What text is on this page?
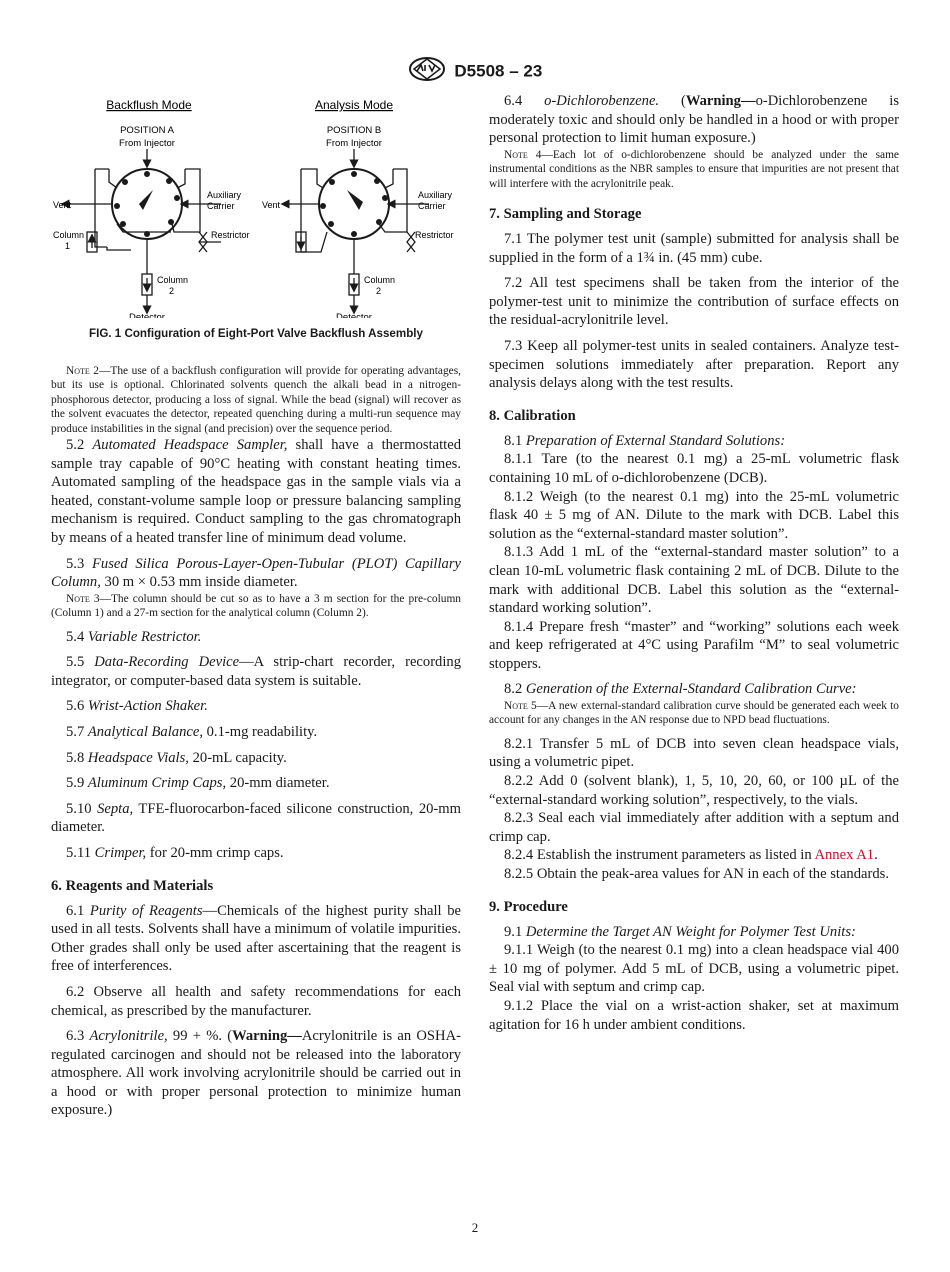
D5508 – 23
Backflush Mode	Analysis Mode
POSITION A
From Injector
POSITION B
From Injector
Vent
Auxiliary
Carrier
Restrictor
Column
1
Column
2
Detector
Vent
Auxiliary
Carrier
Restrictor
Column
2
Detector
FIG. 1 Configuration of Eight-Port Valve Backflush Assembly

Note 2—The use of a backflush configuration will provide for operating advantages, but its use is optional. Chlorinated solvents quench the alkali bead in a nitrogen-phosphorous detector, producing a loss of signal. While the bead (signal) will recover as the solvent evacuates the detector, repeated quenching during a multi-run sequence may produce instabilities in the signal (and precision) over the sequence period.

5.2 Automated Headspace Sampler, shall have a thermostatted sample tray capable of 90°C heating with constant heating times. Automated sampling of the headspace gas in the sample vials via a heated, constant-volume sample loop or pressure balancing sampling mechanism is required. Conduct sampling to the gas chromatograph by means of a heated transfer line of minimum dead volume.

5.3 Fused Silica Porous-Layer-Open-Tubular (PLOT) Capillary Column, 30 m × 0.53 mm inside diameter.

Note 3—The column should be cut so as to have a 3 m section for the pre-column (Column 1) and a 27-m section for the analytical column (Column 2).

5.4 Variable Restrictor.

5.5 Data-Recording Device—A strip-chart recorder, recording integrator, or computer-based data system is suitable.

5.6 Wrist-Action Shaker.

5.7 Analytical Balance, 0.1-mg readability.

5.8 Headspace Vials, 20-mL capacity.

5.9 Aluminum Crimp Caps, 20-mm diameter.

5.10 Septa, TFE-fluorocarbon-faced silicone construction, 20-mm diameter.

5.11 Crimper, for 20-mm crimp caps.

6. Reagents and Materials

6.1 Purity of Reagents—Chemicals of the highest purity shall be used in all tests. Solvents shall have a minimum of volatile impurities. Other grades shall only be used after ascertaining that the reagent is free of interferences.

6.2 Observe all health and safety recommendations for each chemical, as prescribed by the manufacturer.

6.3 Acrylonitrile, 99 + %. (Warning—Acrylonitrile is an OSHA-regulated carcinogen and should not be released into the laboratory atmosphere. All work involving acrylonitrile should be carried out in a hood or with proper personal protection to minimize human exposure.)

6.4 o-Dichlorobenzene. (Warning—o-Dichlorobenzene is moderately toxic and should only be handled in a hood or with proper personal protection to limit human exposure.)

Note 4—Each lot of o-dichlorobenzene should be analyzed under the same instrumental conditions as the NBR samples to ensure that impurities are not present that will interfere with the acrylonitrile peak.

7. Sampling and Storage

7.1 The polymer test unit (sample) submitted for analysis shall be supplied in the form of a 1¾ in. (45 mm) cube.

7.2 All test specimens shall be taken from the interior of the polymer-test unit to minimize the contribution of surface effects on the residual-acrylonitrile level.

7.3 Keep all polymer-test units in sealed containers. Analyze test-specimen solutions immediately after preparation. Report any analysis delays along with the test results.

8. Calibration

8.1 Preparation of External Standard Solutions:

8.1.1 Tare (to the nearest 0.1 mg) a 25-mL volumetric flask containing 10 mL of o-dichlorobenzene (DCB).

8.1.2 Weigh (to the nearest 0.1 mg) into the 25-mL volumetric flask 40 ± 5 mg of AN. Dilute to the mark with DCB. Label this solution as the “external-standard master solution”.

8.1.3 Add 1 mL of the “external-standard master solution” to a clean 10-mL volumetric flask containing 2 mL of DCB. Dilute to the mark with additional DCB. Label this solution as the “external-standard working solution”.

8.1.4 Prepare fresh “master” and “working” solutions each week and keep refrigerated at 4°C using Parafilm “M” to seal volumetric stoppers.

8.2 Generation of the External-Standard Calibration Curve:

Note 5—A new external-standard calibration curve should be generated each week to account for any changes in the AN response due to NPD bead fluctuations.

8.2.1 Transfer 5 mL of DCB into seven clean headspace vials, using a volumetric pipet.

8.2.2 Add 0 (solvent blank), 1, 5, 10, 20, 60, or 100 µL of the “external-standard working solution”, respectively, to the vials.

8.2.3 Seal each vial immediately after addition with a septum and crimp cap.

8.2.4 Establish the instrument parameters as listed in Annex A1.

8.2.5 Obtain the peak-area values for AN in each of the standards.

9. Procedure

9.1 Determine the Target AN Weight for Polymer Test Units:

9.1.1 Weigh (to the nearest 0.1 mg) into a clean headspace vial 400 ± 10 mg of polymer. Add 5 mL of DCB, using a volumetric pipet. Seal vial with septum and crimp cap.

9.1.2 Place the vial on a wrist-action shaker, set at maximum agitation for 16 h under ambient conditions.

2
